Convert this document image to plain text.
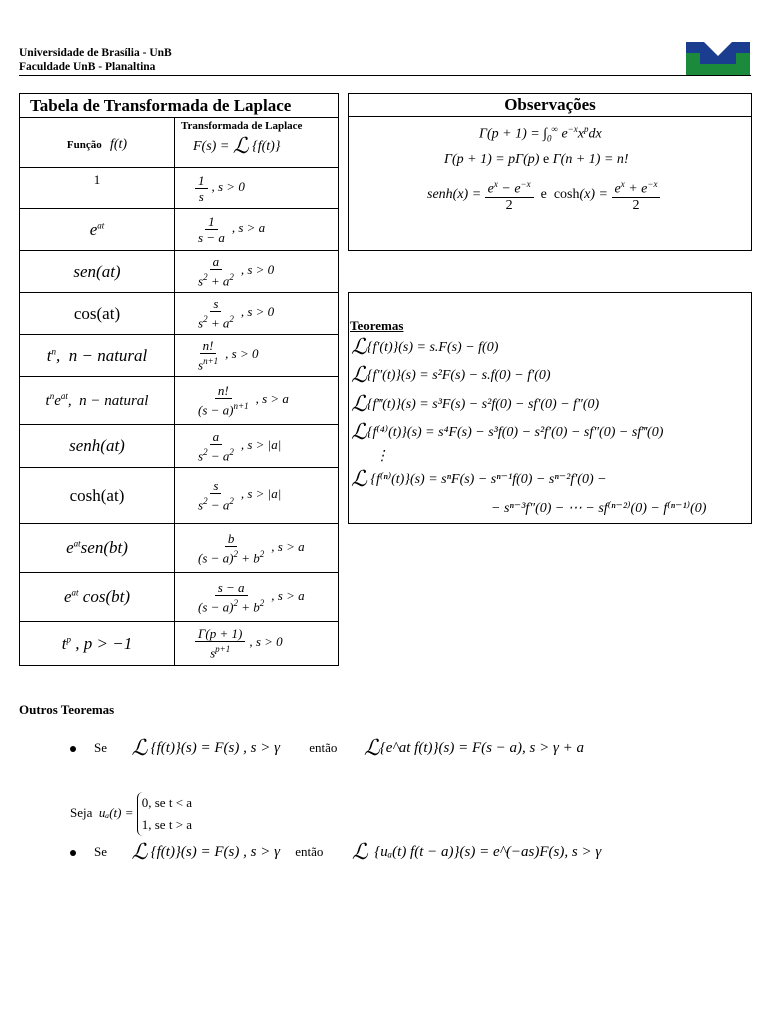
Universidade de Brasília - UnB
Faculdade UnB - Planaltina
Tabela de Transformada de Laplace	
Função f(t)	Transformada de Laplace
F(s) = ℒ {f(t)}

1	$\frac{1}{s}$ , s > 0
$e^{at}$	$\frac{1}{s - a}$ , s > a
sen(at)	$\frac{a}{s^2 + a^2}$ , s > 0
cos(at)	$\frac{s}{s^2 + a^2}$ , s > 0
$t^n$,  n − natural	$\frac{n!}{s^{n+1}}$ , s > 0
$t^ne^{at}$,  n − natural	$\frac{n!}{(s - a)^{n+1}}$ , s > a
senh(at)	$\frac{a}{s^2 - a^2}$ , s > |a|
cosh(at)	$\frac{s}{s^2 - a^2}$ , s > |a|
$e^{at}sen(bt)$	$\frac{b}{(s - a)^2 + b^2}$ , s > a
$e^{at}$ cos(bt)	$\frac{s - a}{(s - a)^2 + b^2}$ , s > a
$t^p$ , p > −1	$\frac{\Gamma(p + 1)}{s^{p+1}}$ , s > 0
Observações
$\Gamma(p + 1) = \int_0^\infty$ $e^{-x}x^pdx$
Γ(p + 1) = pΓ(p) e Γ(n + 1) = n!
senh(x) = $\frac{e^x - e^{-x}}{2}$ e  $\cosh(x) = \frac{e^x + e^{-x}}{2}$
Teoremas
ℒ{f′(t)}(s) = s.F(s) − f(0)
ℒ{f″(t)}(s) = s²F(s) − s.f(0) − f′(0)
ℒ{f‴(t)}(s) = s³F(s) − s²f(0) − sf′(0) − f″(0)
ℒ{f⁽⁴⁾(t)}(s) = s⁴F(s) − s³f(0) − s²f′(0) − sf″(0) − sf‴(0)
⋮
ℒ {f⁽ⁿ⁾(t)}(s) = sⁿF(s) − sⁿ⁻¹f(0) − sⁿ⁻²f′(0) −
− sⁿ⁻³f″(0) − ⋯ − sf⁽ⁿ⁻²⁾(0) − f⁽ⁿ⁻¹⁾(0)
Outros Teoremas
Se ℒ {f(t)}(s) = F(s) , s > γ então ℒ{e^at f(t)}(s) = F(s − a), s > γ + a
Seja uₐ(t) =
0, se t < a
1, se t > a
Se ℒ {f(t)}(s) = F(s) , s > γ então ℒ {uₐ(t) f(t − a)}(s) = e^(−as)F(s), s > γ
